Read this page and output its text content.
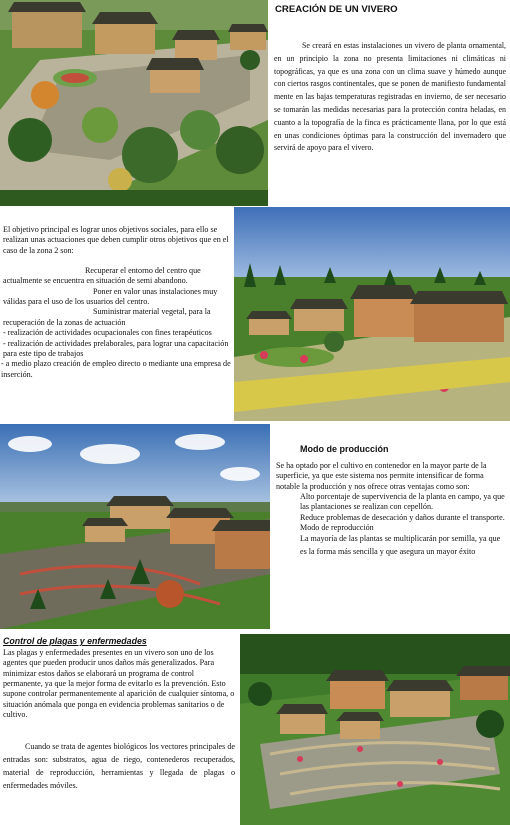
CREACIÓN DE UN VIVERO
Se creará en estas instalaciones un vivero de planta ornamental, en un principio la zona no presenta limitaciones ni climáticas ni topográficas, ya que es una zona con un clima suave y húmedo aunque con ciertos rasgos continentales, que se ponen de manifiesto fundamental mente en las bajas temperaturas registradas en invierno, de ser necesario se tomarán las medidas necesarias para la protección contra heladas, en cuanto a la topografía de la finca es prácticamente llana, por lo que está en unas condiciones óptimas para la construcción del invernadero que servirá de apoyo para el vivero.
El objetivo principal es lograr unos objetivos sociales, para ello se realizan unas actuaciones que deben cumplir otros objetivos que en el caso de la zona 2 son:

Recuperar el entorno del centro que actualmente se encuentra en situación de semi abandono.

Poner en valor unas instalaciones muy válidas para el uso de los usuarios del centro.

Suministrar material vegetal, para la recuperación de la zonas de actuación

- realización de actividades ocupacionales con fines terapéuticos

- realización de actividades prelaborales, para lograr una capacitación para este tipo de trabajos

- a medio plazo creación de empleo directo o mediante una empresa de inserción.

Modo de producción
Se ha optado por el cultivo en contenedor en la mayor parte de la superficie, ya que este sistema nos permite intensificar de forma notable la producción y nos ofrece otras ventajas como son:

Alto porcentaje de supervivencia de la planta en campo, ya que las plantaciones se realizan con cepellón.

Reduce problemas de desecación y daños durante el transporte.

Modo de reproducción

La mayoría de las plantas se multiplicarán por semilla, ya que es la forma más sencilla y que asegura un mayor éxito

Control de plagas y enfermedades
Las plagas y enfermedades presentes en un vivero son uno de los agentes que pueden producir unos daños más generalizados. Para minimizar estos daños se elaborará un programa de control permanente, ya que la mejor forma de evitarlo es la prevención. Esto supone controlar permanentemente al aparición de cualquier síntoma, o situación anómala que ponga en evidencia problemas sanitarios o de cultivo.
Cuando se trata de agentes biológicos los vectores principales de entradas son: substratos, agua de riego, contenederos recuperados, material de reproducción, herramientas y llegada de plagas o enfermedades móviles.
